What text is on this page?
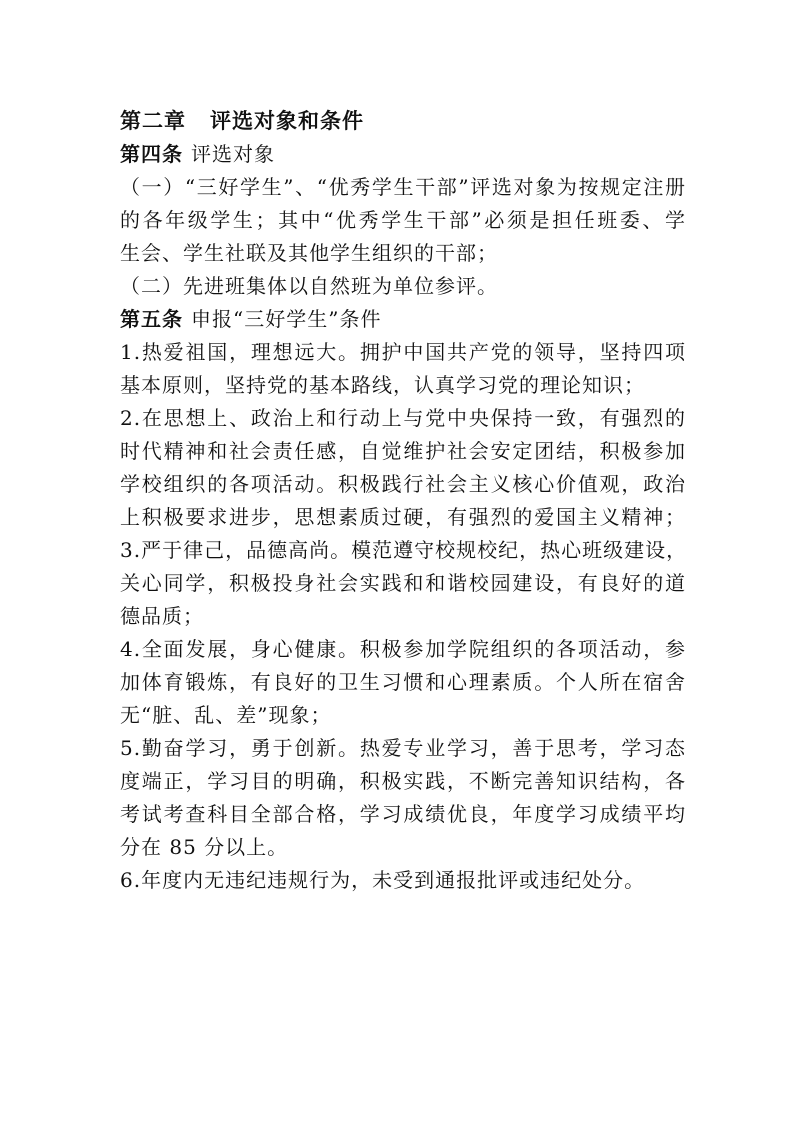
第二章 评选对象和条件
第四条 评选对象
（一）“三好学生”、“优秀学生干部”评选对象为按规定注册
的各年级学生；其中“优秀学生干部”必须是担任班委、学
生会、学生社联及其他学生组织的干部；
（二）先进班集体以自然班为单位参评。
第五条 申报“三好学生”条件
1.热爱祖国，理想远大。拥护中国共产党的领导，坚持四项
基本原则，坚持党的基本路线，认真学习党的理论知识；
2.在思想上、政治上和行动上与党中央保持一致，有强烈的
时代精神和社会责任感，自觉维护社会安定团结，积极参加
学校组织的各项活动。积极践行社会主义核心价值观，政治
上积极要求进步，思想素质过硬，有强烈的爱国主义精神；
3.严于律己，品德高尚。模范遵守校规校纪，热心班级建设，
关心同学，积极投身社会实践和和谐校园建设，有良好的道
德品质；
4.全面发展，身心健康。积极参加学院组织的各项活动，参
加体育锻炼，有良好的卫生习惯和心理素质。个人所在宿舍
无“脏、乱、差”现象；
5.勤奋学习，勇于创新。热爱专业学习，善于思考，学习态
度端正，学习目的明确，积极实践，不断完善知识结构，各
考试考查科目全部合格，学习成绩优良，年度学习成绩平均
分在 85 分以上。
6.年度内无违纪违规行为，未受到通报批评或违纪处分。
